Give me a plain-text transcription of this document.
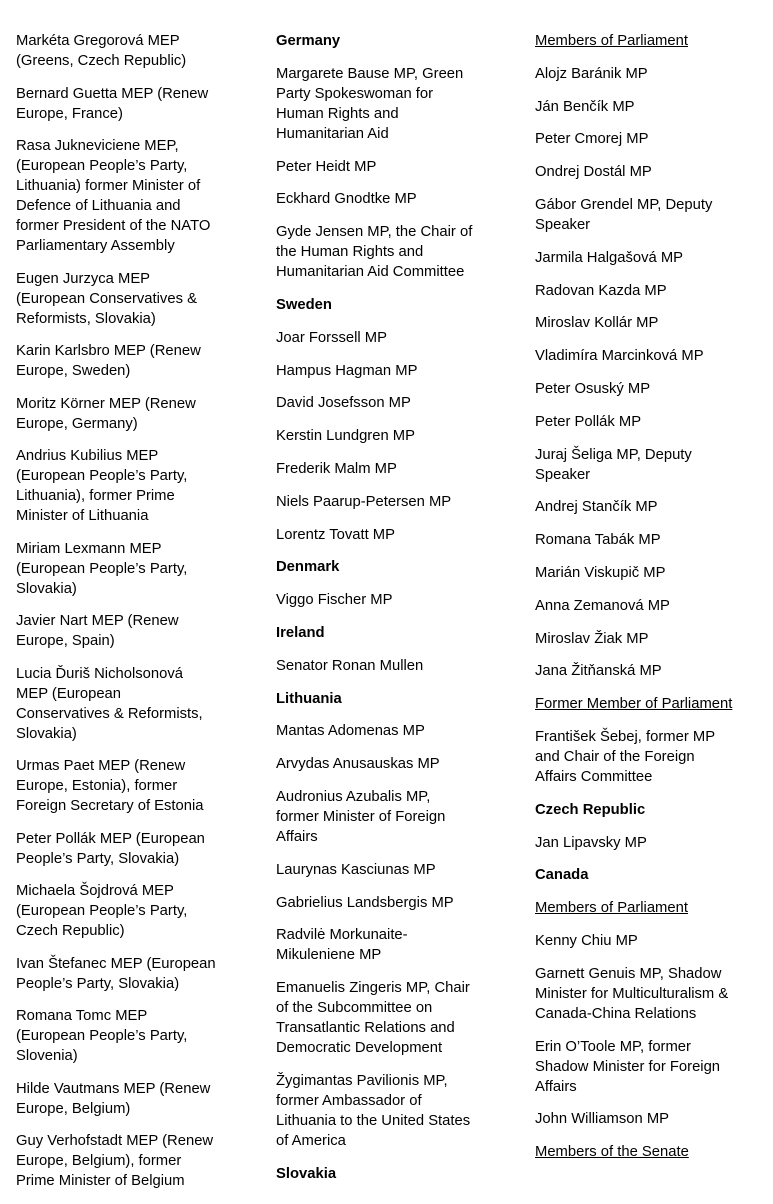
Markéta Gregorová MEP
(Greens, Czech Republic)
Bernard Guetta MEP (Renew
Europe, France)
Rasa Jukneviciene MEP,
(European People’s Party,
Lithuania) former Minister of
Defence of Lithuania and
former President of the NATO
Parliamentary Assembly
Eugen Jurzyca MEP
(European Conservatives &
Reformists, Slovakia)
Karin Karlsbro MEP (Renew
Europe, Sweden)
Moritz Körner MEP (Renew
Europe, Germany)
Andrius Kubilius MEP
(European People’s Party,
Lithuania), former Prime
Minister of Lithuania
Miriam Lexmann MEP
(European People’s Party,
Slovakia)
Javier Nart MEP (Renew
Europe, Spain)
Lucia Ďuriš Nicholsonová
MEP (European
Conservatives & Reformists,
Slovakia)
Urmas Paet MEP (Renew
Europe, Estonia), former
Foreign Secretary of Estonia
Peter Pollák MEP (European
People’s Party, Slovakia)
Michaela Šojdrová MEP
(European People’s Party,
Czech Republic)
Ivan Štefanec MEP (European
People’s Party, Slovakia)
Romana Tomc MEP
(European People’s Party,
Slovenia)
Hilde Vautmans MEP (Renew
Europe, Belgium)
Guy Verhofstadt MEP (Renew
Europe, Belgium), former
Prime Minister of Belgium
Germany
Margarete Bause MP, Green
Party Spokeswoman for
Human Rights and
Humanitarian Aid
Peter Heidt MP
Eckhard Gnodtke MP
Gyde Jensen MP, the Chair of
the Human Rights and
Humanitarian Aid Committee
Sweden
Joar Forssell MP
Hampus Hagman MP
David Josefsson MP
Kerstin Lundgren MP
Frederik Malm MP
Niels Paarup-Petersen MP
Lorentz Tovatt MP
Denmark
Viggo Fischer MP
Ireland
Senator Ronan Mullen
Lithuania
Mantas Adomenas MP
Arvydas Anusauskas MP
Audronius Azubalis MP,
former Minister of Foreign
Affairs
Laurynas Kasciunas MP
Gabrielius Landsbergis MP
Radvilė Morkunaite-
Mikuleniene MP
Emanuelis Zingeris MP, Chair
of the Subcommittee on
Transatlantic Relations and
Democratic Development
Žygimantas Pavilionis MP,
former Ambassador of
Lithuania to the United States
of America
Slovakia
Members of Parliament
Alojz Baránik MP
Ján Benčík MP
Peter Cmorej MP
Ondrej Dostál MP
Gábor Grendel MP, Deputy
Speaker
Jarmila Halgašová MP
Radovan Kazda MP
Miroslav Kollár MP
Vladimíra Marcinková MP
Peter Osuský MP
Peter Pollák MP
Juraj Šeliga MP, Deputy
Speaker
Andrej Stančík MP
Romana Tabák MP
Marián Viskupič MP
Anna Zemanová MP
Miroslav Žiak MP
Jana Žitňanská MP
Former Member of Parliament
František Šebej, former MP
and Chair of the Foreign
Affairs Committee
Czech Republic
Jan Lipavsky MP
Canada
Members of Parliament
Kenny Chiu MP
Garnett Genuis MP, Shadow
Minister for Multiculturalism &
Canada-China Relations
Erin O’Toole MP, former
Shadow Minister for Foreign
Affairs
John Williamson MP
Members of the Senate
